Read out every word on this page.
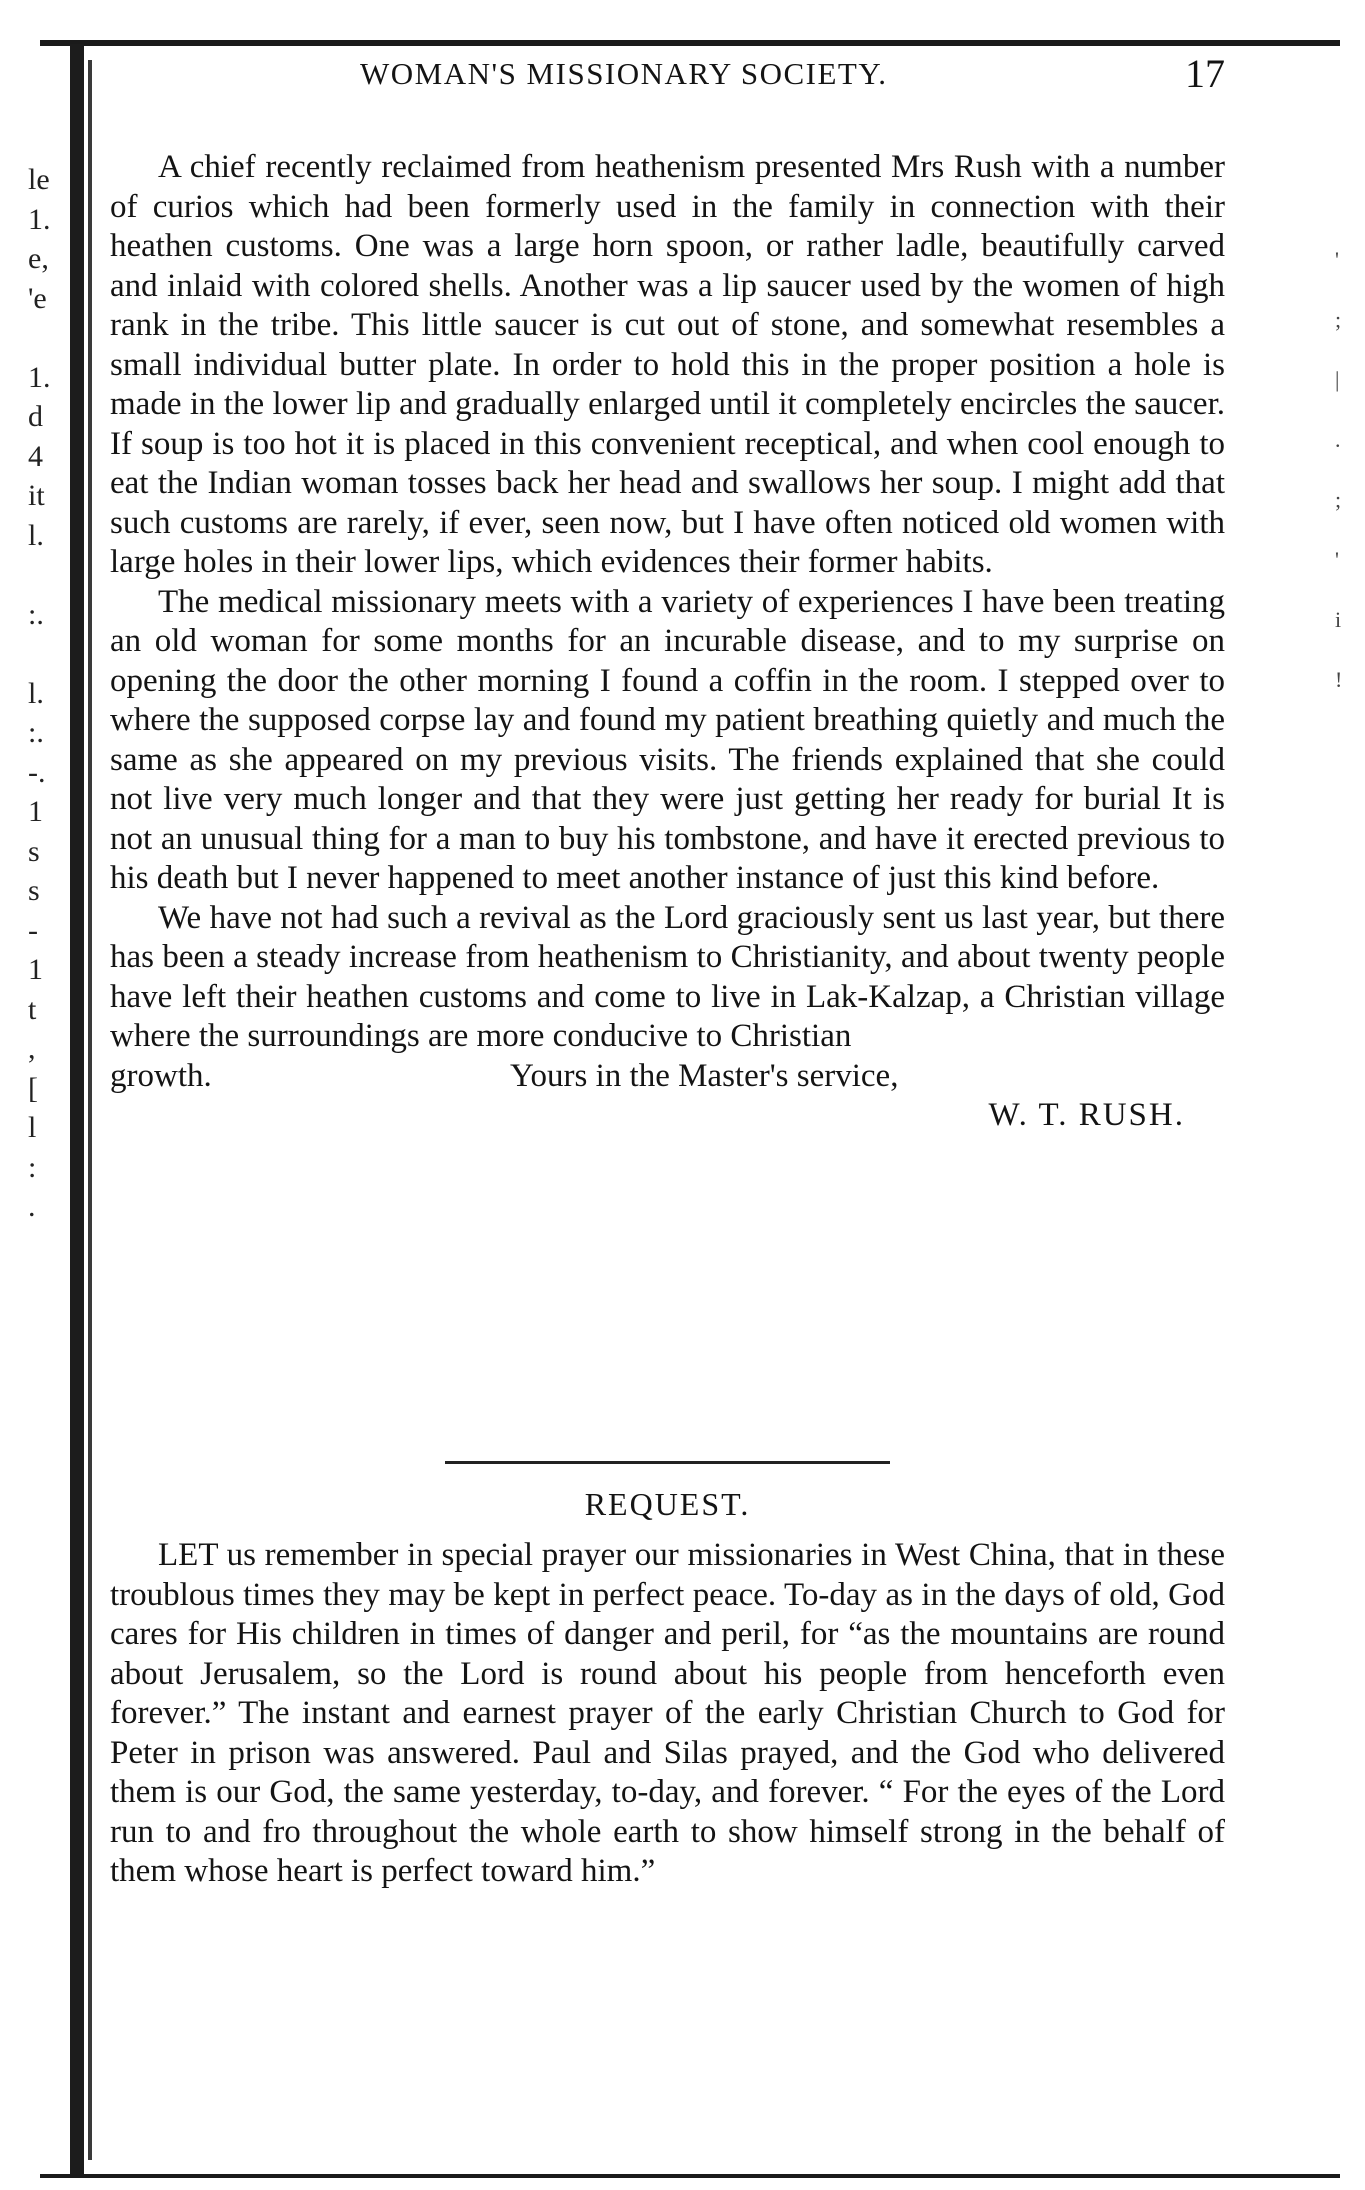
le
1.
e,
'e
1.
d
4
it
l.
:.
l.
:.
-.
1
s
s
-
1
t
,
[
l
:
.
'
;
|
.
;
'
i
!
WOMAN'S MISSIONARY SOCIETY.	17

A chief recently reclaimed from heathenism presented Mrs Rush with a number of curios which had been formerly used in the family in connection with their heathen customs. One was a large horn spoon, or rather ladle, beautifully carved and inlaid with colored shells. Another was a lip saucer used by the women of high rank in the tribe. This little saucer is cut out of stone, and somewhat resembles a small individual butter plate. In order to hold this in the proper position a hole is made in the lower lip and gradually enlarged until it completely encircles the saucer. If soup is too hot it is placed in this convenient receptical, and when cool enough to eat the Indian woman tosses back her head and swallows her soup. I might add that such customs are rarely, if ever, seen now, but I have often noticed old women with large holes in their lower lips, which evidences their former habits.

The medical missionary meets with a variety of experiences I have been treating an old woman for some months for an incurable disease, and to my surprise on opening the door the other morning I found a coffin in the room. I stepped over to where the supposed corpse lay and found my patient breathing quietly and much the same as she appeared on my previous visits. The friends explained that she could not live very much longer and that they were just getting her ready for burial It is not an unusual thing for a man to buy his tombstone, and have it erected previous to his death but I never happened to meet another instance of just this kind before.

We have not had such a revival as the Lord graciously sent us last year, but there has been a steady increase from heathenism to Christianity, and about twenty people have left their heathen customs and come to live in Lak-Kalzap, a Christian village where the surroundings are more conducive to Christian

growth.	Yours in the Master's service,
W. T. RUSH.
REQUEST.

LET us remember in special prayer our missionaries in West China, that in these troublous times they may be kept in perfect peace. To-day as in the days of old, God cares for His children in times of danger and peril, for “as the mountains are round about Jerusalem, so the Lord is round about his people from henceforth even forever.” The instant and earnest prayer of the early Christian Church to God for Peter in prison was answered. Paul and Silas prayed, and the God who delivered them is our God, the same yesterday, to-day, and forever. “ For the eyes of the Lord run to and fro throughout the whole earth to show himself strong in the behalf of them whose heart is perfect toward him.”
